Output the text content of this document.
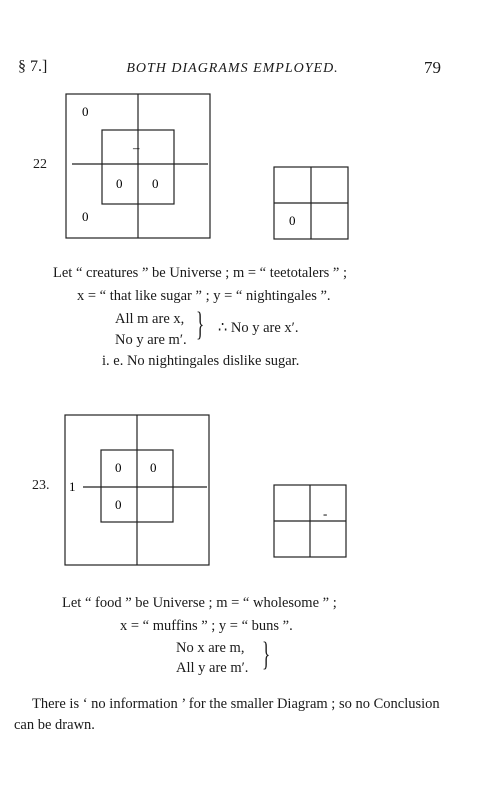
§ 7.]	BOTH DIAGRAMS EMPLOYED.	79
22
0
–
0 0
0	0
Let “ creatures ” be Universe ; m = “ teetotalers ” ;
x = “ that like sugar ” ; y = “ nightingales ”.
All m are x,
No y are m′. } ∴ No y are x′.
i. e. No nightingales dislike sugar.
23. 1
0 0
0
-
Let “ food ” be Universe ; m = “ wholesome ” ;
x = “ muffins ” ; y = “ buns ”.
No x are m,
All y are m′. }
There is ‘ no information ’ for the smaller Diagram ; so no Conclusion can be drawn.
